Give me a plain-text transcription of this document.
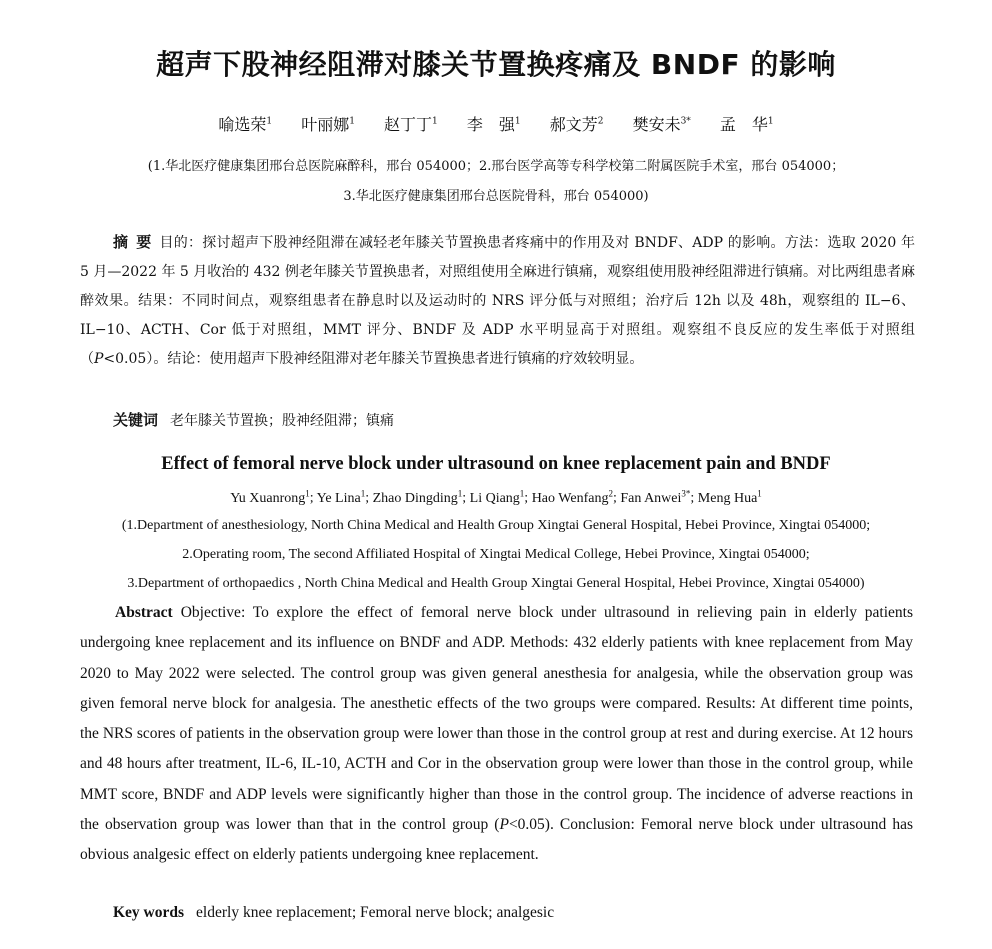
超声下股神经阻滞对膝关节置换疼痛及 BNDF 的影响
喻选荣$^1$ 叶丽娜$^1$ 赵丁丁$^1$ 李　强$^1$ 郝文芳$^2$ 樊安未$^{3*}$ 孟　华$^1$
(1.华北医疗健康集团邢台总医院麻醉科，邢台 054000；2.邢台医学高等专科学校第二附属医院手术室，邢台 054000；
3.华北医疗健康集团邢台总医院骨科，邢台 054000)
摘要目的：探讨超声下股神经阻滞在减轻老年膝关节置换患者疼痛中的作用及对 BNDF、ADP 的影响。方法：选取 2020 年 5 月—2022 年 5 月收治的 432 例老年膝关节置换患者，对照组使用全麻进行镇痛，观察组使用股神经阻滞进行镇痛。对比两组患者麻醉效果。结果：不同时间点，观察组患者在静息时以及运动时的 NRS 评分低与对照组；治疗后 12h 以及 48h，观察组的 IL−6、IL−10、ACTH、Cor 低于对照组，MMT 评分、BNDF 及 ADP 水平明显高于对照组。观察组不良反应的发生率低于对照组（P<0.05）。结论：使用超声下股神经阻滞对老年膝关节置换患者进行镇痛的疗效较明显。
关键词 老年膝关节置换；股神经阻滞；镇痛
Effect of femoral nerve block under ultrasound on knee replacement pain and BNDF
Yu Xuanrong$^1$; Ye Lina$^1$; Zhao Dingding$^1$; Li Qiang$^1$; Hao Wenfang$^2$; Fan Anwei$^{3*}$; Meng Hua$^1$
(1.Department of anesthesiology, North China Medical and Health Group Xingtai General Hospital, Hebei Province, Xingtai 054000;
2.Operating room, The second Affiliated Hospital of Xingtai Medical College, Hebei Province, Xingtai 054000;
3.Department of orthopaedics , North China Medical and Health Group Xingtai General Hospital, Hebei Province, Xingtai 054000)
Abstract Objective: To explore the effect of femoral nerve block under ultrasound in relieving pain in elderly patients undergoing knee replacement and its influence on BNDF and ADP. Methods: 432 elderly patients with knee replacement from May 2020 to May 2022 were selected. The control group was given general anesthesia for analgesia, while the observation group was given femoral nerve block for analgesia. The anesthetic effects of the two groups were compared. Results: At different time points, the NRS scores of patients in the observation group were lower than those in the control group at rest and during exercise. At 12 hours and 48 hours after treatment, IL-6, IL-10, ACTH and Cor in the observation group were lower than those in the control group, while MMT score, BNDF and ADP levels were significantly higher than those in the control group. The incidence of adverse reactions in the observation group was lower than that in the control group (P<0.05). Conclusion: Femoral nerve block under ultrasound has obvious analgesic effect on elderly patients undergoing knee replacement.
Key words elderly knee replacement; Femoral nerve block; analgesic
